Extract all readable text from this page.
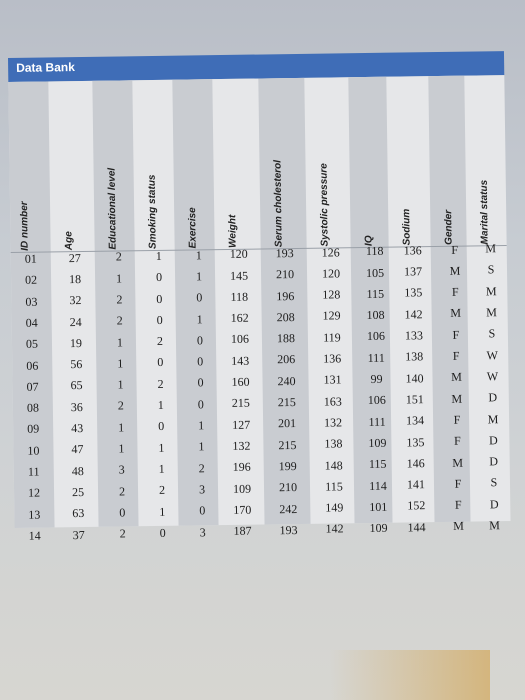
Data Bank
ID number	Age	Educational level	Smoking status	Exercise	Weight	Serum cholesterol	Systolic pressure	IQ	Sodium	Gender	Marital status
01	27	2	1	1	120	193	126	118	136	F	M
02	18	1	0	1	145	210	120	105	137	M	S
03	32	2	0	0	118	196	128	115	135	F	M
04	24	2	0	1	162	208	129	108	142	M	M
05	19	1	2	0	106	188	119	106	133	F	S
06	56	1	0	0	143	206	136	111	138	F	W
07	65	1	2	0	160	240	131	99	140	M	W
08	36	2	1	0	215	215	163	106	151	M	D
09	43	1	0	1	127	201	132	111	134	F	M
10	47	1	1	1	132	215	138	109	135	F	D
11	48	3	1	2	196	199	148	115	146	M	D
12	25	2	2	3	109	210	115	114	141	F	S
13	63	0	1	0	170	242	149	101	152	F	D
14	37	2	0	3	187	193	142	109	144	M	M
